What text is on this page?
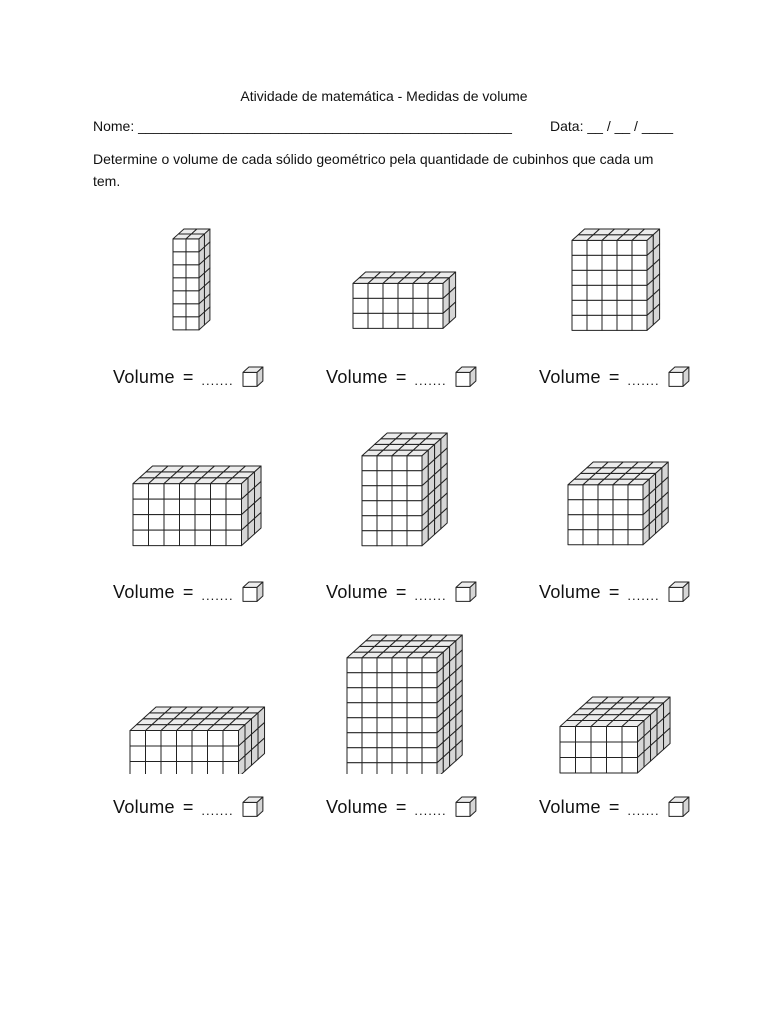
Atividade de matemática - Medidas de volume
Nome: ________________________________________________	Data: __ / __ / ____
Determine o volume de cada sólido geométrico pela quantidade de cubinhos que cada um tem.
Volume = .......	Volume = .......	Volume = .......
Volume = .......	Volume = .......	Volume = .......
Volume = .......	Volume = .......	Volume = .......
